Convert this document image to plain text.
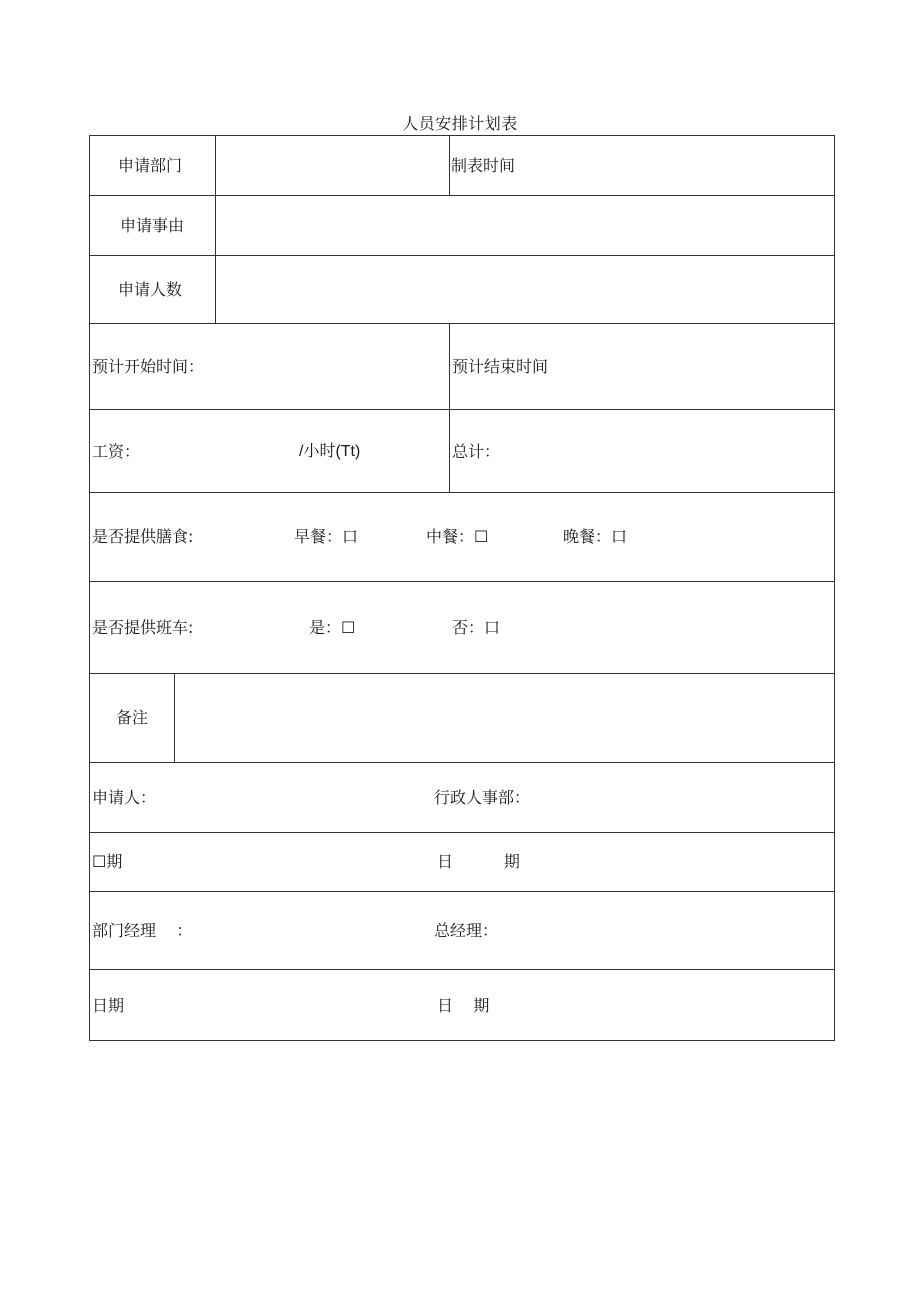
人员安排计划表
申请部门	制表时间
申请事由
申请人数
预计开始时间：	预计结束时间
工资：	/小时(Tt)	总计：
是否提供膳食:	早餐：口	中餐：☐	晚餐：口
是否提供班车:	是：☐	否：口
备注
申请人：	行政人事部：
☐期	日          期
部门经理    ：	总经理：
日期	日    期
